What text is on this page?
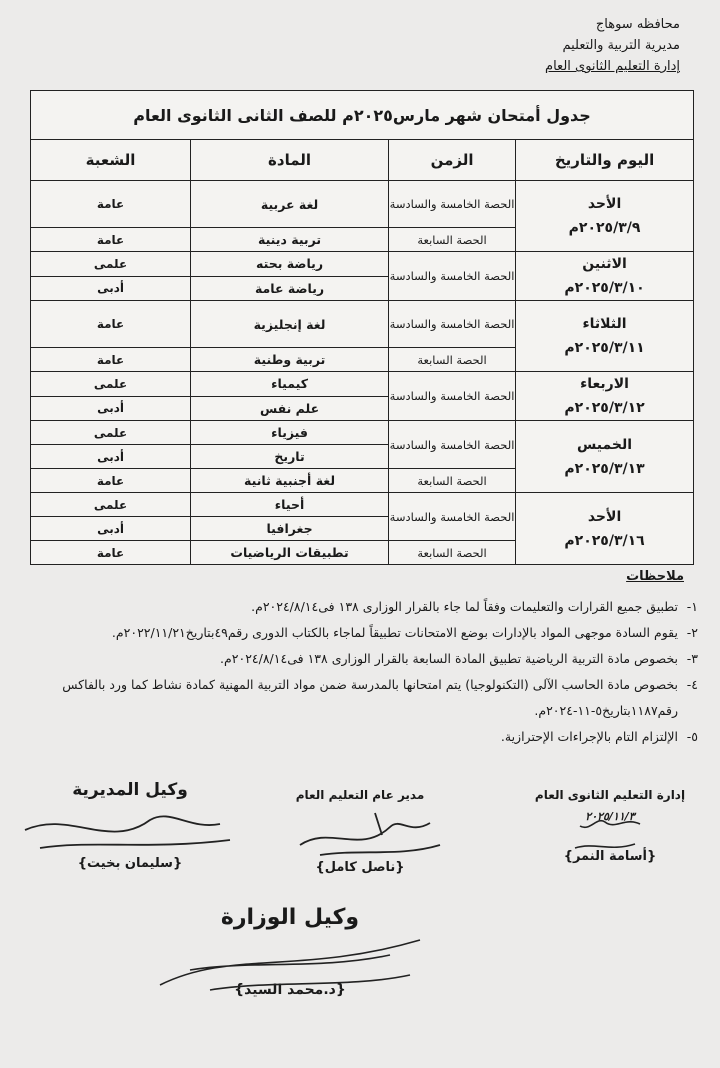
محافظه سوهاج
مديرية التربية والتعليم
إدارة التعليم الثانوى العام
جدول أمتحان شهر مارس٢٠٢٥م للصف الثانى الثانوى العام			
اليوم والتاريخ	الزمن	المادة	الشعبة

الأحد
٢٠٢٥/٣/٩م	الحصة الخامسة والسادسة	لغة عربية	عامة
	الحصة السابعة	تربية دينية	عامة

الاثنين
٢٠٢٥/٣/١٠م	الحصة الخامسة والسادسة	رياضة بحته	علمى
		رياضة عامة	أدبى

الثلاثاء
٢٠٢٥/٣/١١م	الحصة الخامسة والسادسة	لغة إنجليزية	عامة
	الحصة السابعة	تربية وطنية	عامة

الاربعاء
٢٠٢٥/٣/١٢م	الحصة الخامسة والسادسة	كيمياء	علمى
		علم نفس	أدبى

الخميس
٢٠٢٥/٣/١٣م	الحصة الخامسة والسادسة	فيزياء	علمى
		تاريخ	أدبى
	الحصة السابعة	لغة أجنبية ثانية	عامة

الأحد
٢٠٢٥/٣/١٦م	الحصة الخامسة والسادسة	أحياء	علمى
		جغرافيا	أدبى
	الحصة السابعة	تطبيقات الرياضيات	عامة
ملاحظات
١-
تطبيق جميع القرارات والتعليمات وفقاً لما جاء بالقرار الوزارى ١٣٨ فى٢٠٢٤/٨/١٤م.
٢-
يقوم السادة موجهى المواد بالإدارات بوضع الامتحانات تطبيقاً لماجاء بالكتاب الدورى رقم٤٩بتاريخ٢٠٢٢/١١/٢١م.
٣-
بخصوص مادة التربية الرياضية تطبيق المادة السابعة بالقرار الوزارى ١٣٨ فى٢٠٢٤/٨/١٤م.
٤-
بخصوص مادة الحاسب الآلى (التكنولوجيا) يتم امتحانها بالمدرسة ضمن مواد التربية المهنية كمادة نشاط كما ورد بالفاكس رقم١١٨٧بتاريخ٥-١١-٢٠٢٤م.
٥-
الإلتزام التام بالإجراءات الإحترازية.
إدارة التعليم الثانوى العام
٢٠٢٥/١١/٣
{أسامة النمر}
مدير عام التعليم العام
{ناصل كامل}
وكيل المديرية
{سليمان بخيت}
وكيل الوزارة
{د.محمد السيد}
